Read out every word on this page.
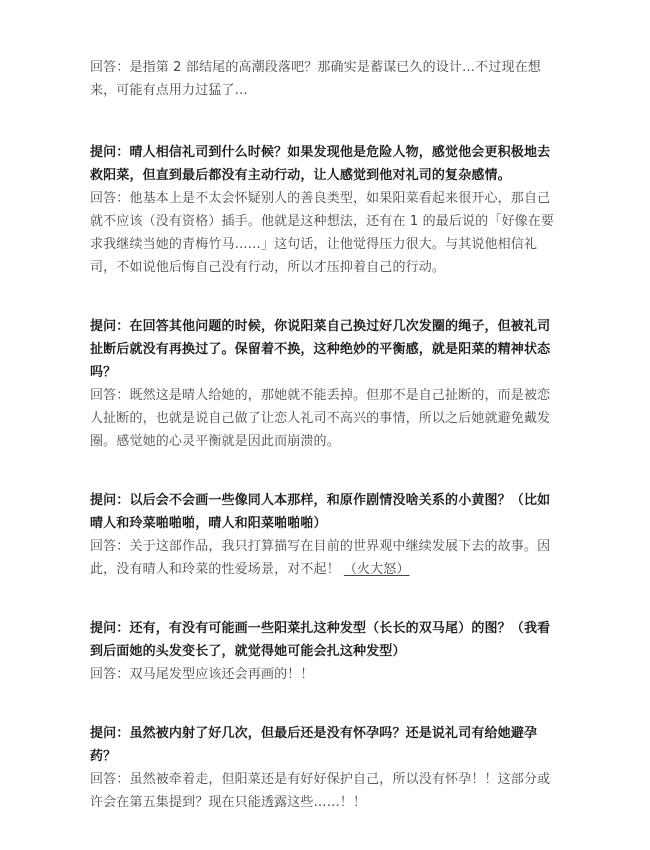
回答：是指第 2 部结尾的高潮段落吧？那确实是蓄谋已久的设计…不过现在想来，可能有点用力过猛了…

提问：晴人相信礼司到什么时候？如果发现他是危险人物，感觉他会更积极地去救阳菜，但直到最后都没有主动行动，让人感觉到他对礼司的复杂感情。

回答：他基本上是不太会怀疑别人的善良类型，如果阳菜看起来很开心，那自己就不应该（没有资格）插手。他就是这种想法，还有在 1 的最后说的「好像在要求我继续当她的青梅竹马……」这句话，让他觉得压力很大。与其说他相信礼司，不如说他后悔自己没有行动，所以才压抑着自己的行动。

提问：在回答其他问题的时候，你说阳菜自己换过好几次发圈的绳子，但被礼司扯断后就没有再换过了。保留着不换，这种绝妙的平衡感，就是阳菜的精神状态吗？

回答：既然这是晴人给她的，那她就不能丢掉。但那不是自己扯断的，而是被恋人扯断的，也就是说自己做了让恋人礼司不高兴的事情，所以之后她就避免戴发圈。感觉她的心灵平衡就是因此而崩溃的。

提问：以后会不会画一些像同人本那样，和原作剧情没啥关系的小黄图？（比如晴人和玲菜啪啪啪，晴人和阳菜啪啪啪）

回答：关于这部作品，我只打算描写在目前的世界观中继续发展下去的故事。因此，没有晴人和玲菜的性爱场景，对不起！ （火大怒）

提问：还有，有没有可能画一些阳菜扎这种发型（长长的双马尾）的图？（我看到后面她的头发变长了，就觉得她可能会扎这种发型）

回答：双马尾发型应该还会再画的！！

提问：虽然被内射了好几次，但最后还是没有怀孕吗？还是说礼司有给她避孕药？

回答：虽然被牵着走，但阳菜还是有好好保护自己，所以没有怀孕！！这部分或许会在第五集提到？现在只能透露这些……！！
